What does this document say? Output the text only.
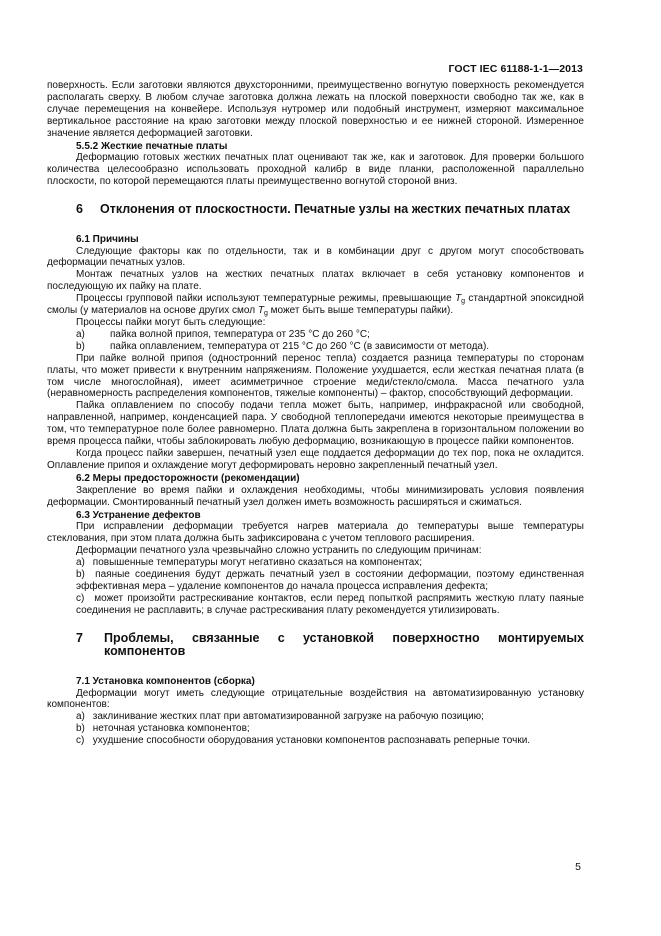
ГОСТ IEC 61188-1-1—2013

поверхность. Если заготовки являются двухсторонними, преимущественно вогнутую поверхность рекомендуется располагать сверху. В любом случае заготовка должна лежать на плоской поверхности свободно так же, как в случае перемещения на конвейере. Используя нутромер или подобный инструмент, измеряют максимальное вертикальное расстояние на краю заготовки между плоской поверхностью и ее нижней стороной. Измеренное значение является деформацией заготовки.

5.5.2 Жесткие печатные платы

Деформацию готовых жестких печатных плат оценивают так же, как и заготовок. Для проверки большого количества целесообразно использовать проходной калибр в виде планки, расположенной параллельно плоскости, по которой перемещаются платы преимущественно вогнутой стороной вниз.

6	Отклонения от плоскостности. Печатные узлы на жестких печатных платах

6.1 Причины

Следующие факторы как по отдельности, так и в комбинации друг с другом могут способствовать деформации печатных узлов.

Монтаж печатных узлов на жестких печатных платах включает в себя установку компонентов и последующую их пайку на плате.

Процессы групповой пайки используют температурные режимы, превышающие $T_g$ стандартной эпоксидной смолы (у материалов на основе других смол $T_g$ может быть выше температуры пайки).

Процессы пайки могут быть следующие:

a)	пайка волной припоя, температура от 235 °С до 260 °С;
b)	пайка оплавлением, температура от 215 °С до 260 °С (в зависимости от метода).

При пайке волной припоя (одностронний перенос тепла) создается разница температуры по сторонам платы, что может привести к внутренним напряжениям. Положение ухудшается, если жесткая печатная плата (в том числе многослойная), имеет асимметричное строение меди/стекло/смола. Масса печатного узла (неравномерность распределения компонентов, тяжелые компоненты) – фактор, способствующий деформации.

Пайка оплавлением по способу подачи тепла может быть, например, инфракрасной или свободной, направленной, например, конденсацией пара. У свободной теплопередачи имеются некоторые преимущества в том, что температурное поле более равномерно. Плата должна быть закреплена в горизонтальном положении во время процесса пайки, чтобы заблокировать любую деформацию, возникающую в процессе пайки компонентов.

Когда процесс пайки завершен, печатный узел еще поддается деформации до тех пор, пока не охладится. Оплавление припоя и охлаждение могут деформировать неровно закрепленный печатный узел.

6.2 Меры предосторожности (рекомендации)

Закрепление во время пайки и охлаждения необходимы, чтобы минимизировать условия появления деформации. Смонтированный печатный узел должен иметь возможность расширяться и сжиматься.

6.3 Устранение дефектов

При исправлении деформации требуется нагрев материала до температуры выше температуры стеклования, при этом плата должна быть зафиксирована с учетом теплового расширения.

Деформации печатного узла чрезвычайно сложно устранить по следующим причинам:

a) повышенные температуры могут негативно сказаться на компонентах;

b) паяные соединения будут держать печатный узел в состоянии деформации, поэтому единственная эффективная мера – удаление компонентов до начала процесса исправления дефекта;

c) может произойти растрескивание контактов, если перед попыткой распрямить жесткую плату паяные соединения не расплавить; в случае растрескивания плату рекомендуется утилизировать.

7	Проблемы, связанные с установкой поверхностно монтируемых компонентов

7.1 Установка компонентов (сборка)

Деформации могут иметь следующие отрицательные воздействия на автоматизированную установку компонентов:

a) заклинивание жестких плат при автоматизированной загрузке на рабочую позицию;

b) неточная установка компонентов;

c) ухудшение способности оборудования установки компонентов распознавать реперные точки.

5
